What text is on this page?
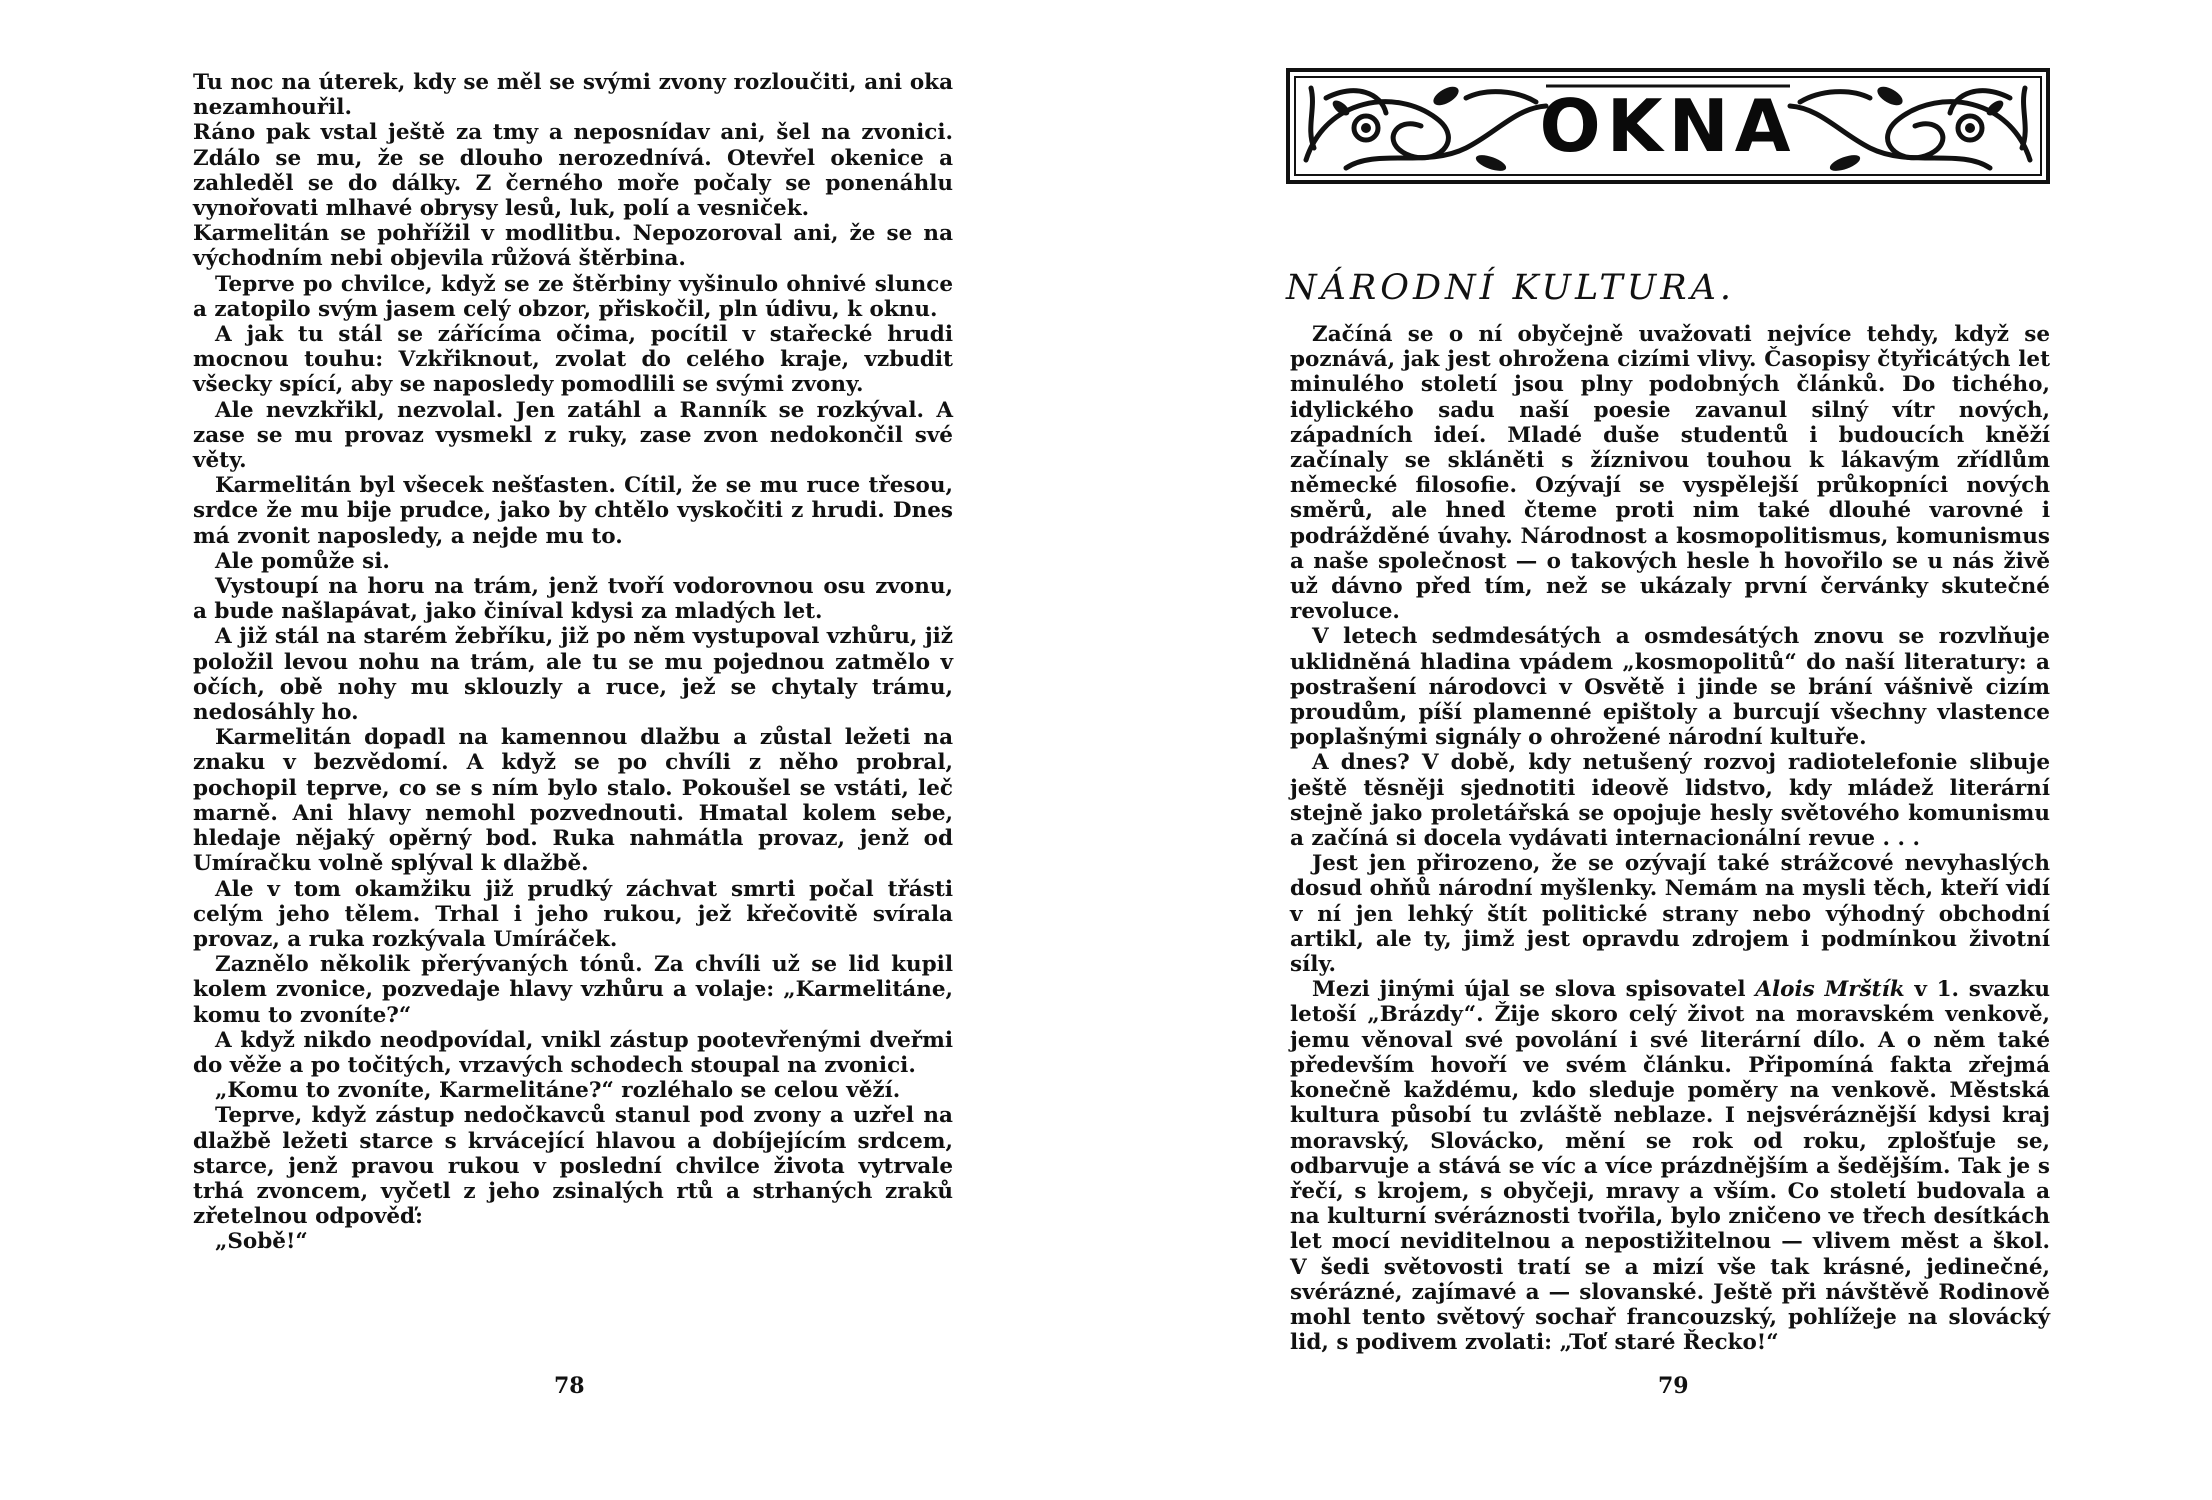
Tu noc na úterek, kdy se měl se svými zvony rozloučiti, ani oka nezamhouřil.

Ráno pak vstal ještě za tmy a neposnídav ani, šel na zvonici. Zdálo se mu, že se dlouho nerozednívá. Otevřel okenice a zahleděl se do dálky. Z černého moře počaly se ponenáhlu vynořovati mlhavé obrysy lesů, luk, polí a vesniček.

Karmelitán se pohřížil v modlitbu. Nepozoroval ani, že se na východním nebi objevila růžová štěrbina.

Teprve po chvilce, když se ze štěrbiny vyšinulo ohnivé slunce a zatopilo svým jasem celý obzor, přiskočil, pln údivu, k oknu.

A jak tu stál se zářícíma očima, pocítil v stařecké hrudi mocnou touhu: Vzkřiknout, zvolat do celého kraje, vzbudit všecky spící, aby se naposledy pomodlili se svými zvony.

Ale nevzkřikl, nezvolal. Jen zatáhl a Ranník se rozkýval. A zase se mu provaz vysmekl z ruky, zase zvon nedokončil své věty.

Karmelitán byl všecek nešťasten. Cítil, že se mu ruce třesou, srdce že mu bije prudce, jako by chtělo vyskočiti z hrudi. Dnes má zvonit naposledy, a nejde mu to.

Ale pomůže si.

Vystoupí na horu na trám, jenž tvoří vodorovnou osu zvonu, a bude našlapávat, jako činíval kdysi za mladých let.

A již stál na starém žebříku, již po něm vystupoval vzhůru, již položil levou nohu na trám, ale tu se mu pojednou zatmělo v očích, obě nohy mu sklouzly a ruce, jež se chytaly trámu, nedosáhly ho.

Karmelitán dopadl na kamennou dlažbu a zůstal ležeti na znaku v bezvědomí. A když se po chvíli z něho probral, pochopil teprve, co se s ním bylo stalo. Pokoušel se vstáti, leč marně. Ani hlavy nemohl pozvednouti. Hmatal kolem sebe, hledaje nějaký opěrný bod. Ruka nahmátla provaz, jenž od Umíračku volně splýval k dlažbě.

Ale v tom okamžiku již prudký záchvat smrti počal třásti celým jeho tělem. Trhal i jeho rukou, jež křečovitě svírala provaz, a ruka rozkývala Umíráček.

Zaznělo několik přerývaných tónů. Za chvíli už se lid kupil kolem zvonice, pozvedaje hlavy vzhůru a volaje: „Karmelitáne, komu to zvoníte?“

A když nikdo neodpovídal, vnikl zástup pootevřenými dveřmi do věže a po točitých, vrzavých schodech stoupal na zvonici.

„Komu to zvoníte, Karmelitáne?“ rozléhalo se celou věží.

Teprve, když zástup nedočkavců stanul pod zvony a uzřel na dlažbě ležeti starce s krvácející hlavou a dobíjejícím srdcem, starce, jenž pravou rukou v poslední chvilce života vytrvale trhá zvoncem, vyčetl z jeho zsinalých rtů a strhaných zraků zřetelnou odpověď:

„Sobě!“

78
OKNA
NÁRODNÍ KULTURA.

Začíná se o ní obyčejně uvažovati nejvíce tehdy, když se poznává, jak jest ohrožena cizími vlivy. Časopisy čtyřicátých let minulého století jsou plny podobných článků. Do tichého, idylického sadu naší poesie zavanul silný vítr nových, západních ideí. Mladé duše studentů i budoucích kněží začínaly se skláněti s žíznivou touhou k lákavým zřídlům německé filosofie. Ozývají se vyspělejší průkopníci nových směrů, ale hned čteme proti nim také dlouhé varovné i podrážděné úvahy. Národnost a kosmopolitismus, komunismus a naše společnost — o takových hesle h hovořilo se u nás živě už dávno před tím, než se ukázaly první červánky skutečné revoluce.

V letech sedmdesátých a osmdesátých znovu se rozvlňuje uklidněná hladina vpádem „kosmopolitů“ do naší literatury: a postrašení národovci v Osvětě i jinde se brání vášnivě cizím proudům, píší plamenné epištoly a burcují všechny vlastence poplašnými signály o ohrožené národní kultuře.

A dnes? V době, kdy netušený rozvoj radiotelefonie slibuje ještě těsněji sjednotiti ideově lidstvo, kdy mládež literární stejně jako proletářská se opojuje hesly světového komunismu a začíná si docela vydávati internacionální revue . . .

Jest jen přirozeno, že se ozývají také strážcové nevyhaslých dosud ohňů národní myšlenky. Nemám na mysli těch, kteří vidí v ní jen lehký štít politické strany nebo výhodný obchodní artikl, ale ty, jimž jest opravdu zdrojem i podmínkou životní síly.

Mezi jinými újal se slova spisovatel Alois Mrštík v 1. svazku letoší „Brázdy“. Žije skoro celý život na moravském venkově, jemu věnoval své povolání i své literární dílo. A o něm také především hovoří ve svém článku. Připomíná fakta zřejmá konečně každému, kdo sleduje poměry na venkově. Městská kultura působí tu zvláště neblaze. I nejsvéráznější kdysi kraj moravský, Slovácko, mění se rok od roku, zplošťuje se, odbarvuje a stává se víc a více prázdnějším a šedějším. Tak je s řečí, s krojem, s obyčeji, mravy a vším. Co století budovala a na kulturní svéráznosti tvořila, bylo zničeno ve třech desítkách let mocí neviditelnou a nepostižitelnou — vlivem měst a škol. V šedi světovosti tratí se a mizí vše tak krásné, jedinečné, svérázné, zajímavé a — slovanské. Ještě při návštěvě Rodinově mohl tento světový sochař francouzský, pohlížeje na slovácký lid, s podivem zvolati: „Toť staré Řecko!“

79
